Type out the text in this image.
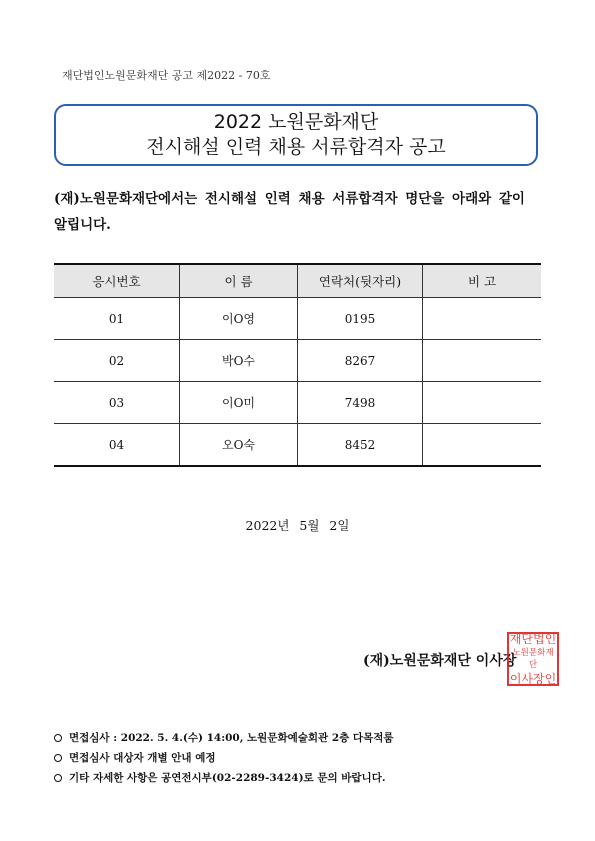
재단법인노원문화재단 공고 제2022 - 70호
2022 노원문화재단
전시해설 인력 채용 서류합격자 공고
(재)노원문화재단에서는 전시해설 인력 채용 서류합격자 명단을 아래와 같이 알립니다.
응시번호	이 름	연락처(뒷자리)	비 고
01	이O영	0195	
02	박O수	8267	
03	이O미	7498	
04	오O숙	8452	
2022년 5월 2일
(재)노원문화재단 이사장
재단법인
노원문화재단
이사장인
면접심사 : 2022. 5. 4.(수) 14:00, 노원문화예술회관 2층 다목적룸
면접심사 대상자 개별 안내 예정
기타 자세한 사항은 공연전시부(02-2289-3424)로 문의 바랍니다.
